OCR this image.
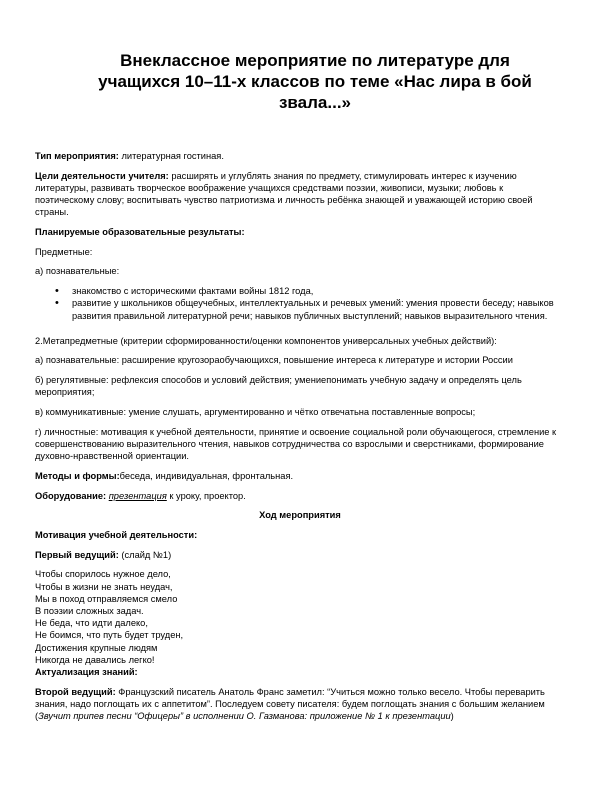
Внеклассное мероприятие по литературе для
учащихся 10–11-х классов по теме «Нас лира в бой
звала...»

Тип мероприятия: литературная гостиная.

Цели деятельности учителя: расширять и углублять знания по предмету, стимулировать интерес к изучению литературы, развивать творческое воображение учащихся средствами поэзии, живописи, музыки; любовь к поэтическому слову; воспитывать чувство патриотизма и личность ребёнка знающей и уважающей историю своей страны.

Планируемые образовательные результаты:

Предметные:

а) познавательные:

• знакомство с историческими фактами войны 1812 года,
• развитие у школьников общеучебных, интеллектуальных и речевых умений: умения провести беседу; навыков развития правильной литературной речи; навыков публичных выступлений; навыков выразительного чтения.

2.Метапредметные (критерии сформированности/оценки компонентов универсальных учебных действий):

а) познавательные: расширение кругозораобучающихся, повышение интереса к литературе и истории России

б) регулятивные: рефлексия способов и условий действия; умениепонимать учебную задачу и определять цель мероприятия;

в) коммуникативные: умение слушать, аргументированно и чётко отвечатьна поставленные вопросы;

г) личностные: мотивация к учебной деятельности, принятие и освоение социальной роли обучающегося, стремление к совершенствованию выразительного чтения, навыков сотрудничества со взрослыми и сверстниками, формирование духовно-нравственной ориентации.

Методы и формы:беседа, индивидуальная, фронтальная.

Оборудование: презентация к уроку, проектор.

Ход мероприятия

Мотивация учебной деятельности:

Первый ведущий: (слайд №1)

Чтобы спорилось нужное дело,
Чтобы в жизни не знать неудач,
Мы в поход отправляемся смело
В поэзии сложных задач.
Не беда, что идти далеко,
Не боимся, что путь будет труден,
Достижения крупные людям
Никогда не давались легко!

Актуализация знаний:

Второй ведущий: Французский писатель Анатоль Франс заметил: “Учиться можно только весело. Чтобы переварить знания, надо поглощать их с аппетитом”. Последуем совету писателя: будем поглощать знания с большим желанием (Звучит припев песни “Офицеры” в исполнении О. Газманова: приложение № 1 к презентации)
